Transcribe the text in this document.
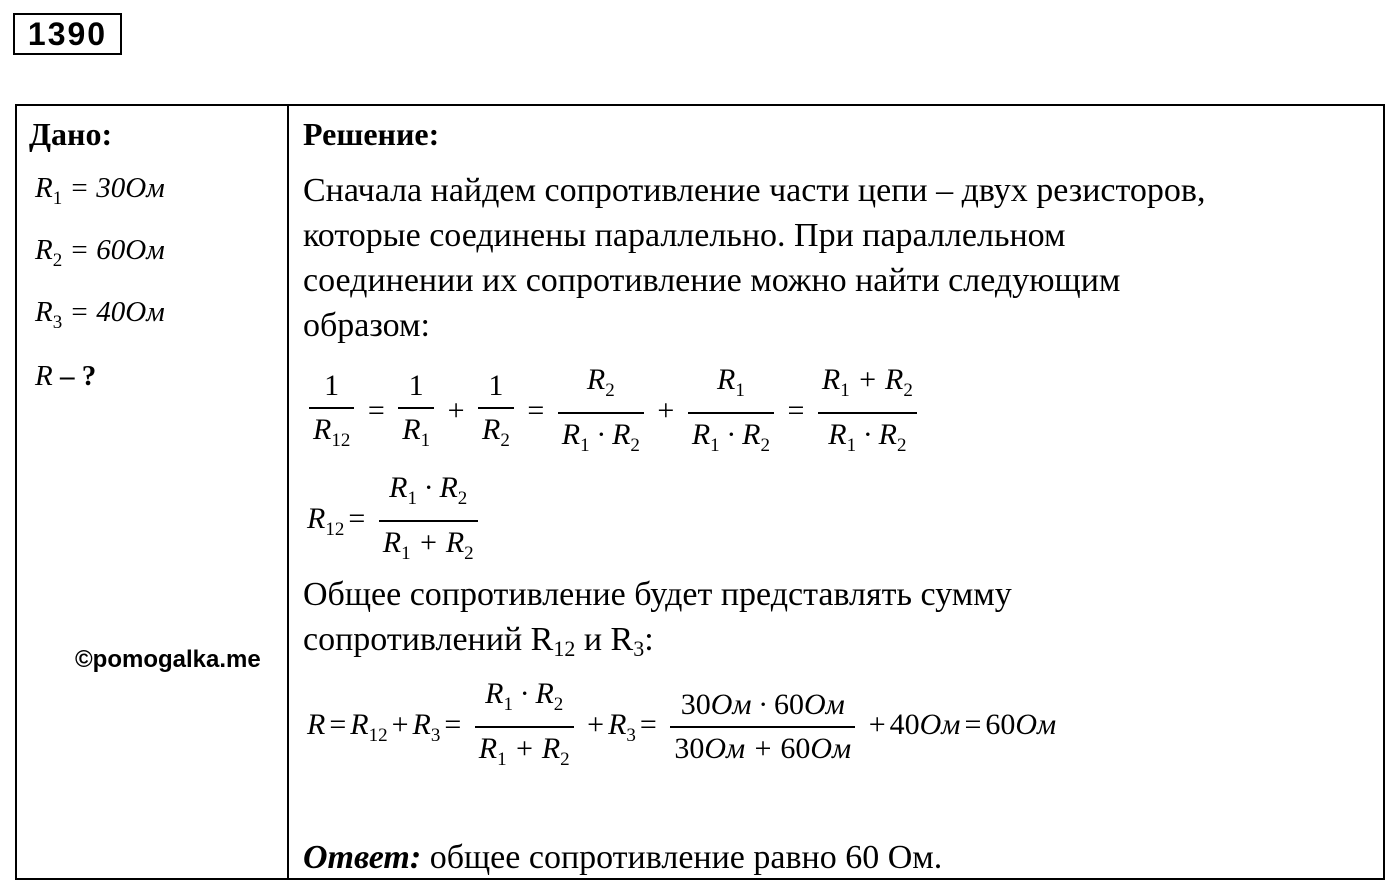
1390
Дано:	Решение:
$R_1 = 30Ом$
$R_2 = 60Ом$
$R_3 = 40Ом$
R – ?
Сначала найдем сопротивление части цепи – двух резисторов,
которые соединены параллельно. При параллельном
соединении их сопротивление можно найти следующим
образом:
$\frac{1}{R_{12}} = \frac{1}{R_1} + \frac{1}{R_2} = \frac{R_2}{R_1 \cdot R_2} + \frac{R_1}{R_1 \cdot R_2} = \frac{R_1 + R_2}{R_1 \cdot R_2}$
$R_{12} = \frac{R_1 \cdot R_2}{R_1 + R_2}$
Общее сопротивление будет представлять сумму
сопротивлений $R_{12}$ и $R_3$:
$R = R_{12} + R_3 = \frac{R_1 \cdot R_2}{R_1 + R_2} + R_3 = \frac{30Ом \cdot 60Ом}{30Ом + 60Ом} + 40Ом = 60Ом$
Ответ: общее сопротивление равно 60 Ом.
©pomogalka.me
